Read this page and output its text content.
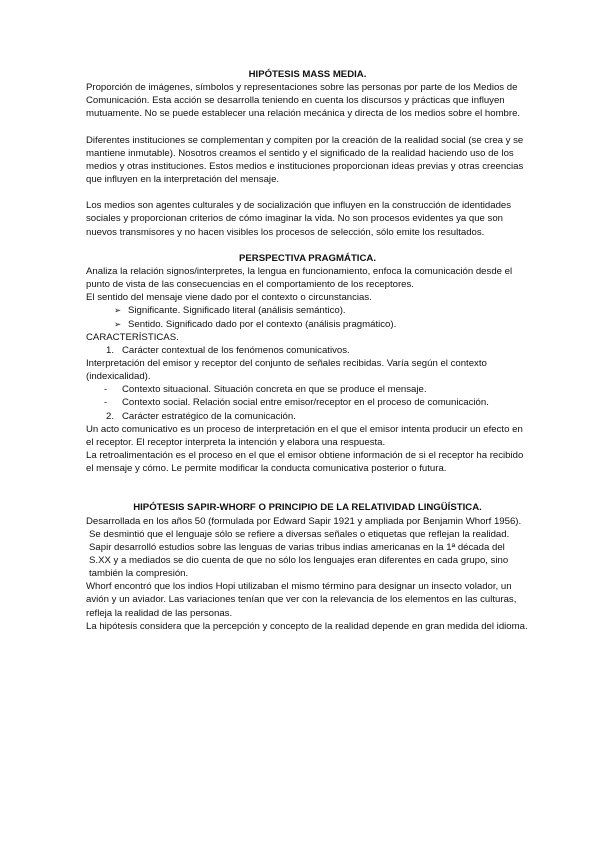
HIPÓTESIS MASS MEDIA.

Proporción de imágenes, símbolos y representaciones sobre las personas por parte de los Medios de Comunicación. Esta acción se desarrolla teniendo en cuenta los discursos y prácticas que influyen mutuamente. No se puede establecer una relación mecánica y directa de los medios sobre el hombre.

Diferentes instituciones se complementan y compiten por la creación de la realidad social (se crea y se mantiene inmutable). Nosotros creamos el sentido y el significado de la realidad haciendo uso de los medios y otras instituciones. Estos medios e instituciones proporcionan ideas previas y otras creencias que influyen en la interpretación del mensaje.

Los medios son agentes culturales y de socialización que influyen en la construcción de identidades sociales y proporcionan criterios de cómo imaginar la vida. No son procesos evidentes ya que son nuevos transmisores y no hacen visibles los procesos de selección, sólo emite los resultados.

PERSPECTIVA PRAGMÁTICA.

Analiza la relación signos/interpretes, la lengua en funcionamiento, enfoca la comunicación desde el punto de vista de las consecuencias en el comportamiento de los receptores.

El sentido del mensaje viene dado por el contexto o circunstancias.

➢ Significante. Significado literal (análisis semántico).
➢ Sentido. Significado dado por el contexto (análisis pragmático).

CARACTERÍSTICAS.

1. Carácter contextual de los fenómenos comunicativos.

Interpretación del emisor y receptor del conjunto de señales recibidas. Varía según el contexto (indexicalidad).

- Contexto situacional. Situación concreta en que se produce el mensaje.
- Contexto social. Relación social entre emisor/receptor en el proceso de comunicación.
2. Carácter estratégico de la comunicación.

Un acto comunicativo es un proceso de interpretación en el que el emisor intenta producir un efecto en el receptor. El receptor interpreta la intención y elabora una respuesta.

La retroalimentación es el proceso en el que el emisor obtiene información de si el receptor ha recibido el mensaje y cómo. Le permite modificar la conducta comunicativa posterior o futura.

HIPÓTESIS SAPIR-WHORF O PRINCIPIO DE LA RELATIVIDAD LINGÜÍSTICA.

Desarrollada en los años 50 (formulada por Edward Sapir 1921 y ampliada por Benjamin Whorf 1956).

Se desmintió que el lenguaje sólo se refiere a diversas señales o etiquetas que reflejan la realidad. Sapir desarrolló estudios sobre las lenguas de varias tribus indias americanas en la 1ª década del S.XX y a mediados se dio cuenta de que no sólo los lenguajes eran diferentes en cada grupo, sino también la compresión.

Whorf encontró que los indios Hopi utilizaban el mismo término para designar un insecto volador, un avión y un aviador. Las variaciones tenían que ver con la relevancia de los elementos en las culturas, refleja la realidad de las personas.

La hipótesis considera que la percepción y concepto de la realidad depende en gran medida del idioma.
